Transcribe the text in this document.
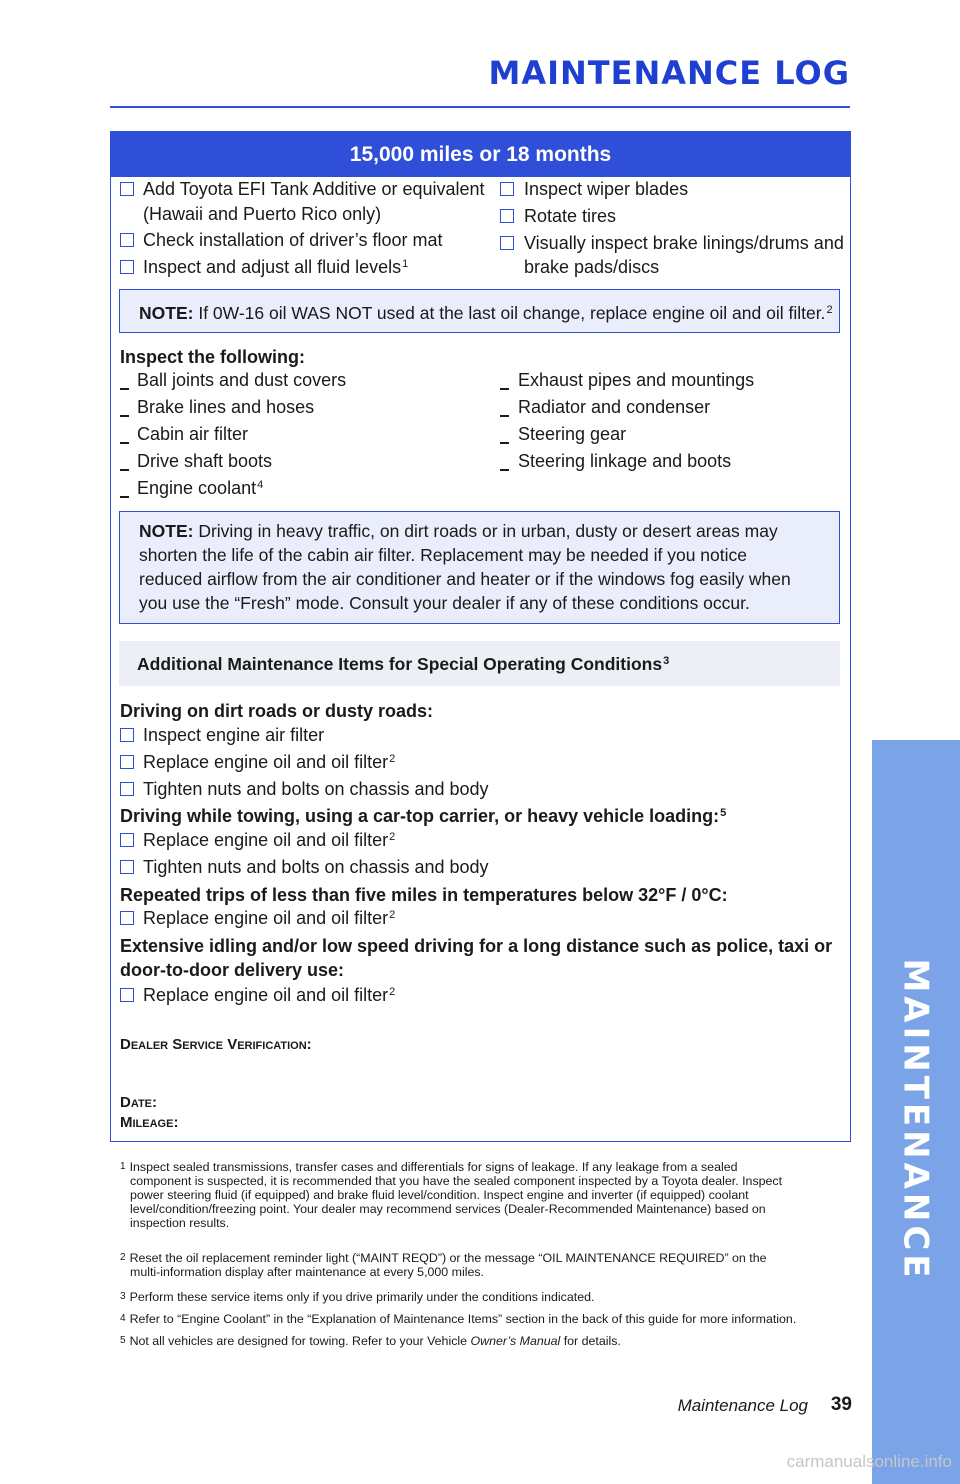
MAINTENANCE LOG
MAINTENANCE
15,000 miles or 18 months
Add Toyota EFI Tank Additive or equivalent
(Hawaii and Puerto Rico only)
Check installation of driver’s floor mat
Inspect and adjust all fluid levels$^1$
Inspect wiper blades
Rotate tires
Visually inspect brake linings/drums and
brake pads/discs
NOTE: If 0W-16 oil WAS NOT used at the last oil change, replace engine oil and oil filter.$^2$
Inspect the following:
Ball joints and dust covers
Brake lines and hoses
Cabin air filter
Drive shaft boots
Engine coolant$^4$
Exhaust pipes and mountings
Radiator and condenser
Steering gear
Steering linkage and boots
NOTE: Driving in heavy traffic, on dirt roads or in urban, dusty or desert areas may
shorten the life of the cabin air filter. Replacement may be needed if you notice
reduced airflow from the air conditioner and heater or if the windows fog easily when
you use the “Fresh” mode. Consult your dealer if any of these conditions occur.
Additional Maintenance Items for Special Operating Conditions$^3$
Driving on dirt roads or dusty roads:
Inspect engine air filter
Replace engine oil and oil filter$^2$
Tighten nuts and bolts on chassis and body
Driving while towing, using a car-top carrier, or heavy vehicle loading:$^5$
Replace engine oil and oil filter$^2$
Tighten nuts and bolts on chassis and body
Repeated trips of less than five miles in temperatures below 32°F / 0°C:
Replace engine oil and oil filter$^2$
Extensive idling and/or low speed driving for a long distance such as police, taxi or
door-to-door delivery use:
Replace engine oil and oil filter$^2$
Dealer Service Verification:
Date:
Mileage:
$^1$ Inspect sealed transmissions, transfer cases and differentials for signs of leakage. If any leakage from a sealed
component is suspected, it is recommended that you have the sealed component inspected by a Toyota dealer. Inspect
power steering fluid (if equipped) and brake fluid level/condition. Inspect engine and inverter (if equipped) coolant
level/condition/freezing point. Your dealer may recommend services (Dealer-Recommended Maintenance) based on
inspection results.
$^2$ Reset the oil replacement reminder light (“MAINT REQD”) or the message “OIL MAINTENANCE REQUIRED” on the
multi-information display after maintenance at every 5,000 miles.
$^3$ Perform these service items only if you drive primarily under the conditions indicated.
$^4$ Refer to “Engine Coolant” in the “Explanation of Maintenance Items” section in the back of this guide for more information.
$^5$ Not all vehicles are designed for towing. Refer to your Vehicle Owner’s Manual for details.
Maintenance Log 39
carmanualsonline.info
